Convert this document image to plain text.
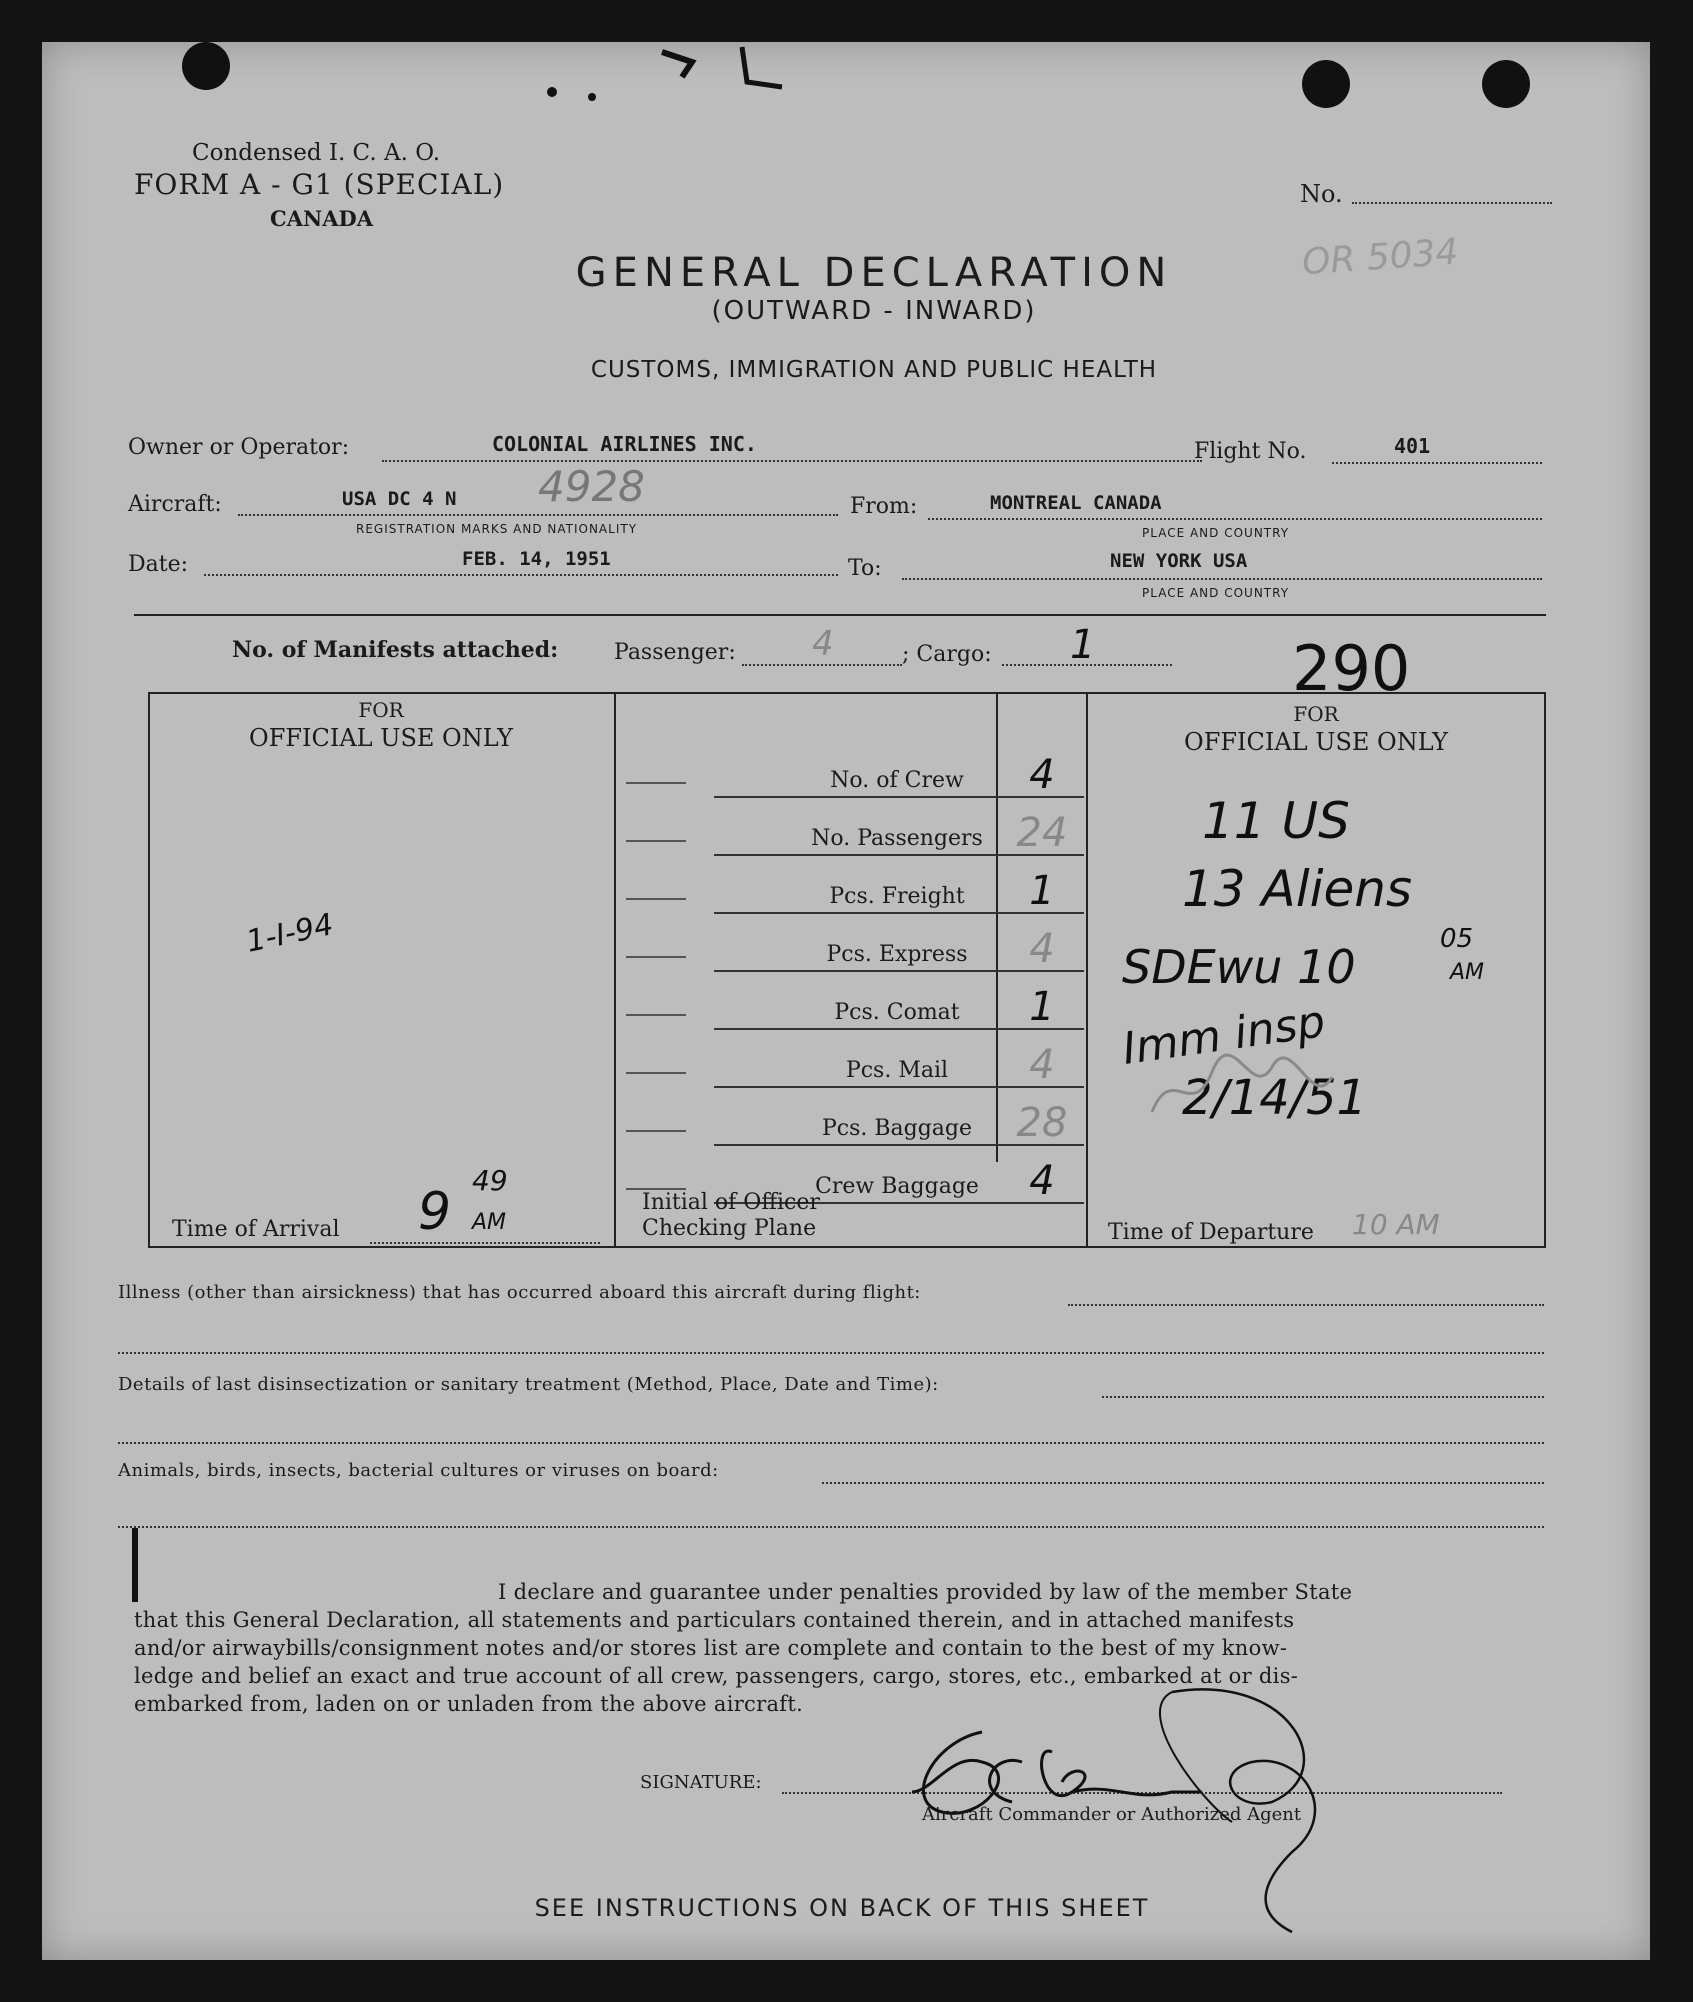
Condensed I. C. A. O.
FORM A - G1 (SPECIAL)
CANADA
No.
OR 5034
GENERAL DECLARATION
(OUTWARD - INWARD)
CUSTOMS, IMMIGRATION AND PUBLIC HEALTH
Owner or Operator:	COLONIAL AIRLINES INC.	Flight No.	401
Aircraft:	USA DC 4 N 4928
REGISTRATION MARKS AND NATIONALITY
From:	MONTREAL CANADA
PLACE AND COUNTRY
Date:	FEB. 14, 1951	To:	NEW YORK USA
PLACE AND COUNTRY
No. of Manifests attached:	Passenger: 4	; Cargo: 1	290
FOR
OFFICIAL USE ONLY
1-I-94
Time of Arrival 9
49
AM
No. of Crew	4
No. Passengers 24
Pcs. Freight	1
Pcs. Express	4
Pcs. Comat	1
Pcs. Mail	4
Pcs. Baggage	28
Crew Baggage	4
Initial of Officer
Checking Plane
FOR
OFFICIAL USE ONLY
11 US
13 Aliens
SDEwu 10
05
AM
Imm insp
2/14/51
Time of Departure 10 AM
Illness (other than airsickness) that has occurred aboard this aircraft during flight:
Details of last disinsectization or sanitary treatment (Method, Place, Date and Time):
Animals, birds, insects, bacterial cultures or viruses on board:
I declare and guarantee under penalties provided by law of the member State
that this General Declaration, all statements and particulars contained therein, and in attached manifests
and/or airwaybills/consignment notes and/or stores list are complete and contain to the best of my know-
ledge and belief an exact and true account of all crew, passengers, cargo, stores, etc., embarked at or dis-
embarked from, laden on or unladen from the above aircraft.
SIGNATURE:
Aircraft Commander or Authorized Agent
SEE INSTRUCTIONS ON BACK OF THIS SHEET
